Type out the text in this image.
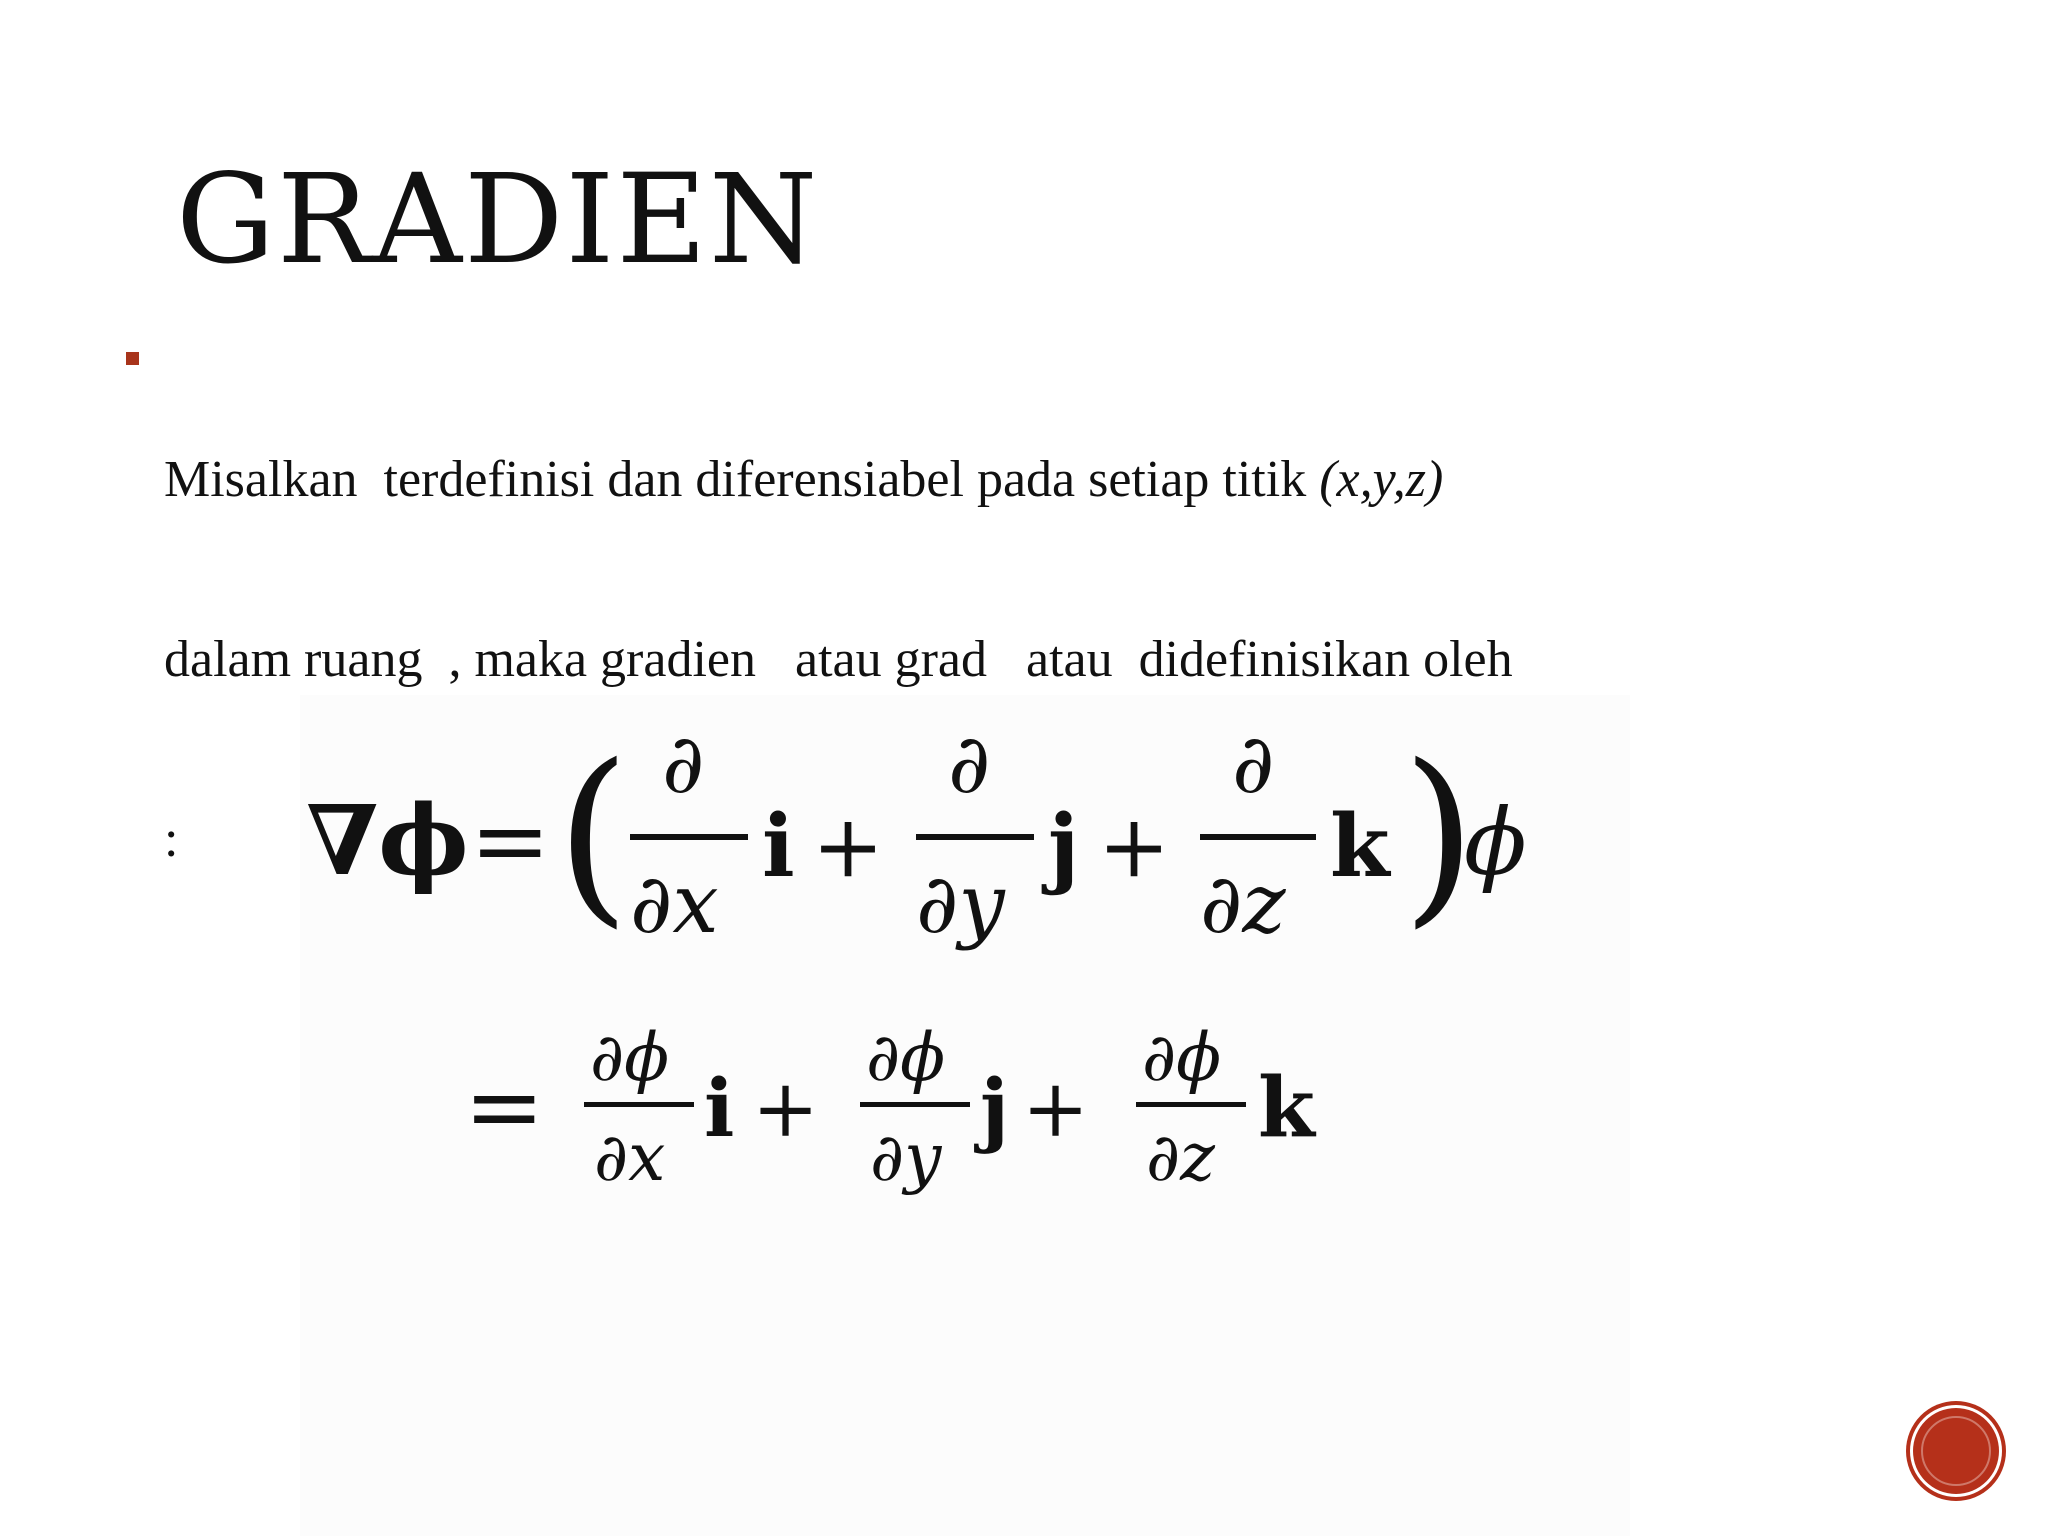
GRADIEN

Misalkan  terdefinisi dan diferensiabel pada setiap titik (x,y,z)

dalam ruang  , maka gradien   atau grad   atau  didefinisikan oleh

:

	∇ϕ = ( ∂
∂x
i +
∂
∂y
j +
∂
∂z
k )
ϕ
= ∂ϕ
∂x
i +
∂ϕ
∂y
j +
∂ϕ
∂z
k
